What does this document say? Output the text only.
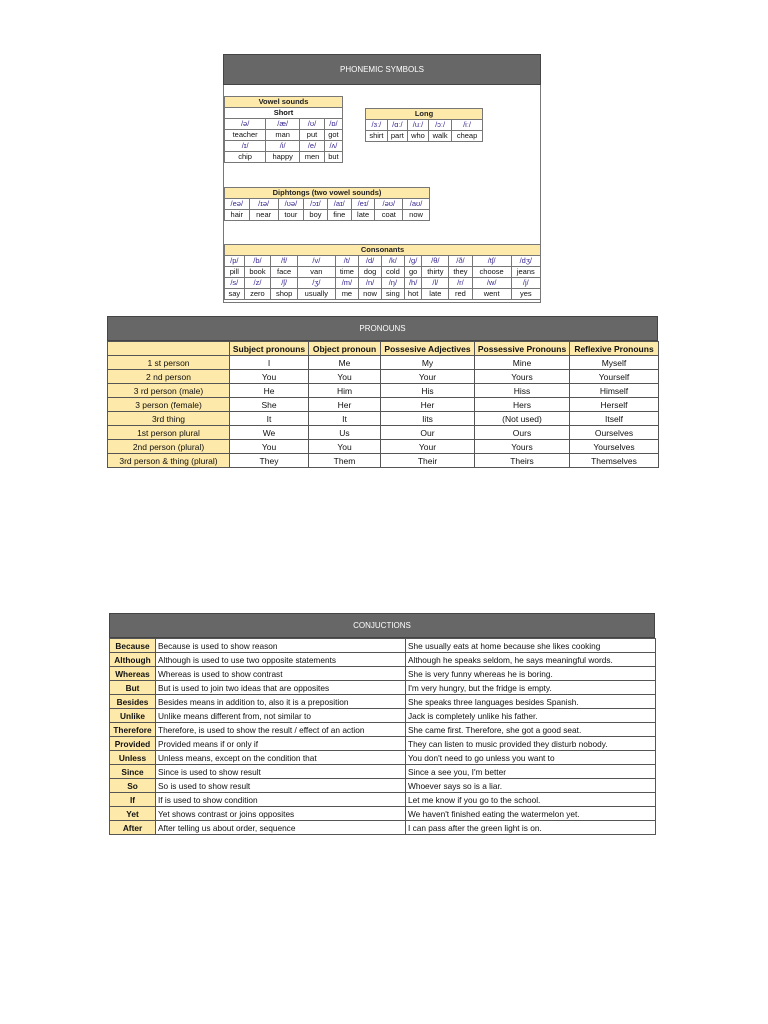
PHONEMIC SYMBOLS
Vowel sounds			
Short			
/ə/	/æ/	/ʊ/	/ɒ/
teacher	man	put	got
/ɪ/	/i/	/e/	/ʌ/
chip	happy	men	but
Long				
/ɜː/	/ɑː/	/uː/	/ɔː/	/iː/
shirt	part	who	walk	cheap
Diphtongs (two vowel sounds)							
/eə/	/ɪə/	/ʊə/	/ɔɪ/	/aɪ/	/eɪ/	/əʊ/	/aʊ/
hair	near	tour	boy	fine	late	coat	now
Consonants											
/p/	/b/	/f/	/v/	/t/	/d/	/k/	/g/	/θ/	/ð/	/tʃ/	/dʒ/
pill	book	face	van	time	dog	cold	go	thirty	they	choose	jeans
/s/	/z/	/ʃ/	/ʒ/	/m/	/n/	/ŋ/	/h/	/l/	/r/	/w/	/j/
say	zero	shop	usually	me	now	sing	hot	late	red	went	yes
PRONOUNS
	Subject pronouns	Object pronoun	Possesive Adjectives	Possessive Pronouns	Reflexive Pronouns
1 st person	I	Me	My	Mine	Myself
2 nd person	You	You	Your	Yours	Yourself
3 rd person (male)	He	Him	His	Hiss	Himself
3 person (female)	She	Her	Her	Hers	Herself
3rd thing	It	It	Iits	(Not used)	Itself
1st person plural	We	Us	Our	Ours	Ourselves
2nd person (plural)	You	You	Your	Yours	Yourselves
3rd person & thing (plural)	They	Them	Their	Theirs	Themselves
CONJUCTIONS
Because	Because is used to show reason	She usually eats at home because she likes cooking
Although	Although is used to use two opposite statements	Although he speaks seldom, he says meaningful words.
Whereas	Whereas is used to show contrast	She is very funny whereas he is boring.
But	But is used to join two ideas that are opposites	I'm very hungry, but the fridge is empty.
Besides	Besides means in addition to, also it is a preposition	She speaks three languages besides Spanish.
Unlike	Unlike means different from, not similar to	Jack is completely unlike his father.
Therefore	Therefore, is used to show the result / effect of an action	She came first. Therefore, she got a good seat.
Provided	Provided means if or only if	They can listen to music provided they disturb nobody.
Unless	Unless means, except on the condition that	You don't need to go unless you want to
Since	Since is used to show result	Since a see you, I'm better
So	So is used to show result	Whoever says so is a liar.
If	If is used to show condition	Let me know if you go to the school.
Yet	Yet shows contrast or joins opposites	We haven't finished eating the watermelon yet.
After	After telling us about order, sequence	I can pass after the green light is on.
